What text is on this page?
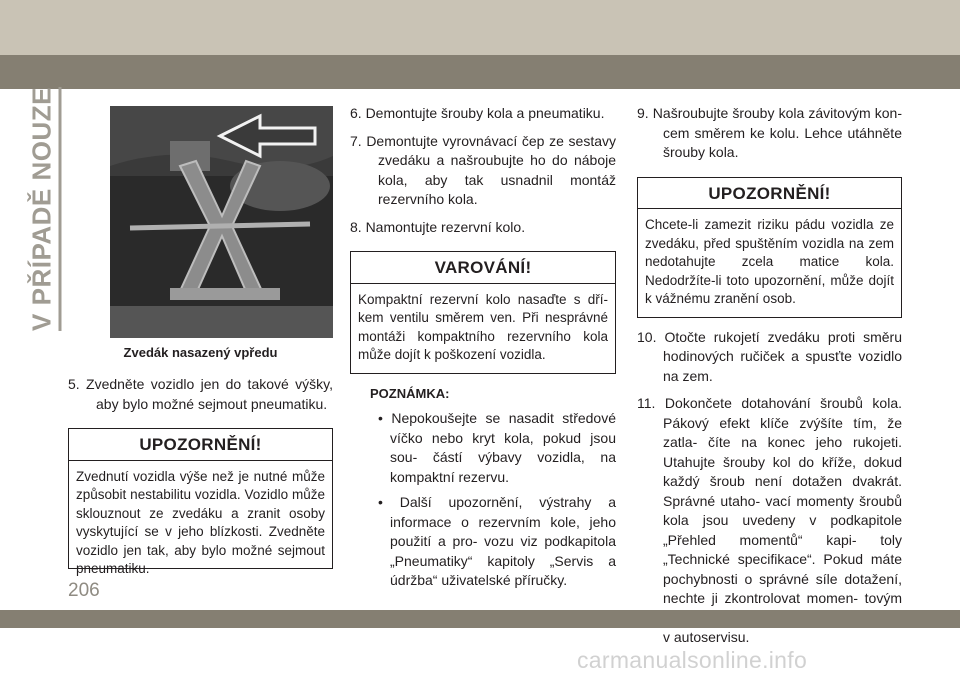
V PŘÍPADĚ NOUZE
Zvedák nasazený vpředu

5. Zvedněte vozidlo jen do takové výšky, aby bylo možné sejmout pneumatiku.

UPOZORNĚNÍ!
Zvednutí vozidla výše než je nutné může způsobit nestabilitu vozidla. Vozidlo může sklouznout ze zvedáku a zranit osoby vyskytující se v jeho blízkosti. Zvedněte vozidlo jen tak, aby bylo možné sejmout pneumatiku.

6. Demontujte šrouby kola a pneumatiku.

7. Demontujte vyrovnávací čep ze sestavy zvedáku a našroubujte ho do náboje kola, aby tak usnadnil montáž rezervního kola.

8. Namontujte rezervní kolo.

VAROVÁNÍ!
Kompaktní rezervní kolo nasaďte s dří- kem ventilu směrem ven. Při nesprávné montáži kompaktního rezervního kola může dojít k poškození vozidla.
POZNÁMKA:

• Nepokoušejte se nasadit středové víčko nebo kryt kola, pokud jsou sou- částí výbavy vozidla, na kompaktní rezervu.

• Další upozornění, výstrahy a informace o rezervním kole, jeho použití a pro- vozu viz podkapitola „Pneumatiky“ kapitoly „Servis a údržba“ uživatelské příručky.

9. Našroubujte šrouby kola závitovým kon- cem směrem ke kolu. Lehce utáhněte šrouby kola.

UPOZORNĚNÍ!
Chcete-li zamezit riziku pádu vozidla ze zvedáku, před spuštěním vozidla na zem nedotahujte zcela matice kola. Nedodržíte-li toto upozornění, může dojít k vážnému zranění osob.

10. Otočte rukojetí zvedáku proti směru hodinových ručiček a spusťte vozidlo na zem.

11. Dokončete dotahování šroubů kola. Pákový efekt klíče zvýšíte tím, že zatla- číte na konec jeho rukojeti. Utahujte šrouby kol do kříže, dokud každý šroub není dotažen dvakrát. Správné utaho- vací momenty šroubů kola jsou uvedeny v podkapitole „Přehled momentů“ kapi- toly „Technické specifikace“. Pokud máte pochybnosti o správné síle dotažení, nechte ji zkontrolovat momen- tovým v autoservisu.

206
carmanualsonline.info
